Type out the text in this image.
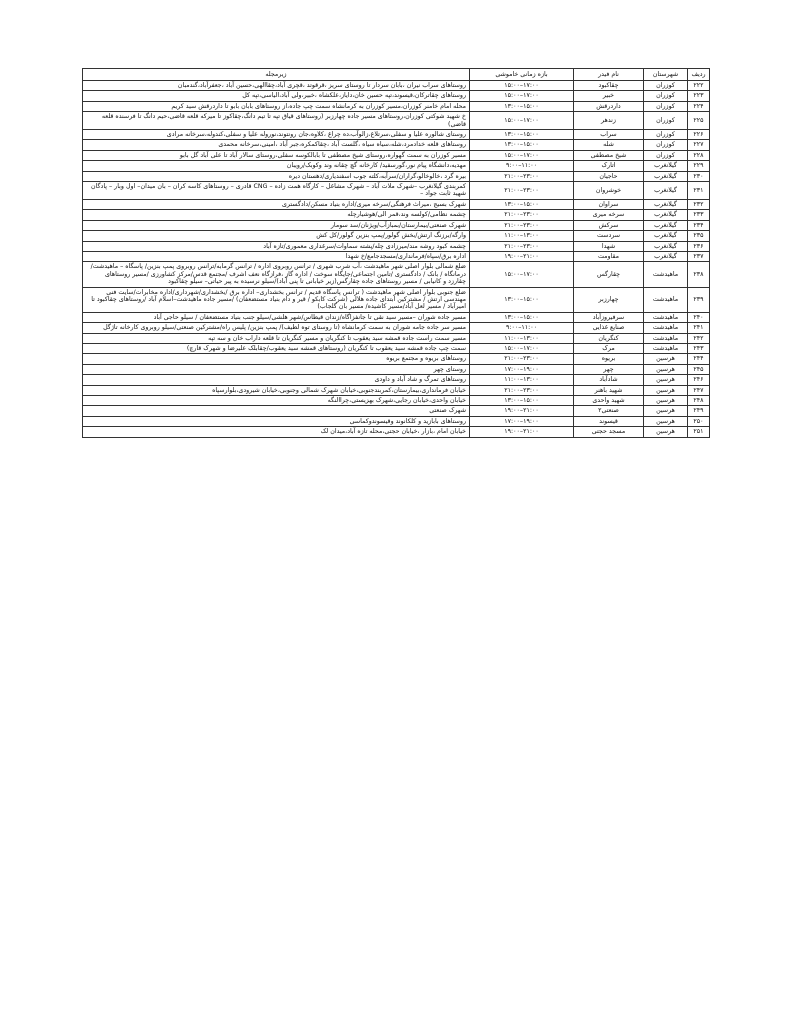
ردیف	شهرستان	نام فیدر	بازه زمانی خاموشی	زیرمجله
۲۲۲	کوزران	چقاکبود	۱۵:۰۰–۱۷:۰۰	روستاهای سراب نیران ،بابان سردار تا روستای سریز ،قرقوتد ،قچری آباد،چقاالهی،حسین آباد ،جعفرآباد،گندمبان
۲۲۳	کوزران	خبیر	۱۵:۰۰–۱۷:۰۰	روستاهای چقاترکان،قیسوند،تپه حسین خان،دایاز،علکشاه ،خبیر،ولی آباد،الیاسی،تپه کل
۲۲۴	کوزران	دارد‌رقش	۱۳:۰۰–۱۵:۰۰	محله امام خامنر کوزران،مسیر کوزران به کرمانشاه سمت چپ جاده،از روستاهای بابان بابو تا داردرقش سید کریم
۲۲۵	کوزران	زندهر	۱۵:۰۰–۱۷:۰۰	خ شهید شوکتی کوزران،روستاهای مسیر جاده چهارزبر (روستاهای قیاق تپه تا تیم دانگ،چقاکوز تا میرکه قلعه قاضی،حیم دانگ تا فرسنده قلعه قاضی)
۲۲۶	کوزران	سراب	۱۳:۰۰–۱۵:۰۰	روستای شالوره علیا و سفلی،سرتلاغ،زالوآب،ده چراغ ،کلاوه،جان رونتوند،نوروله علیا و سفلی،کندوله،سرخانه مرادی
۲۲۷	کوزران	شله	۱۳:۰۰–۱۵:۰۰	روستاهای قلعه خدادمرد،شله،سیاه سیاه ،گلست آباد ،چقاکمکره،جبر آباد ،امینی،سرخانه محمدی
۲۲۸	کوزران	شیخ مصطفی	۱۵:۰۰–۱۷:۰۰	مسیر کوزران به سمت گهواره،روستای شیخ مصطفی تا بابالکوسه سفلی،روستای سالار آباد تا علی آباد گل بابو
۲۲۹	گیلانغرب	اتارک	۹:۰۰–۱۱:۰۰	مهدیه،دانشگاه پیام نور،گورسفید/ کارخانه گچ چقانه وند وکوبک/رویبان
۲۳۰	گیلانغرب	حاجیان	۲۱:۰۰–۲۳:۰۰	بیره گرد ،خالوخالو،گراران/سرآبه،کلته جوب اسفندیاری/دهستان دیره
۲۳۱	گیلانغرب	خوشروان	۲۱:۰۰–۲۳:۰۰	کمربندی گیلانغرب –شهرک ملات آباد – شهرک مشاغل – کارگاه همت زاده – CNG قادری – روستاهای کاسه کران – بان میدان– اول وبار – پادگان شهید ثابت جواد –
۲۳۲	گیلانغرب	سراوان	۱۳:۰۰–۱۵:۰۰	شهرک بسیج ،میراث فرهنگی/سرخه میری/اداره بنیاد مسکن/دادگستری
۲۳۳	گیلانغرب	سرخه میری	۲۱:۰۰–۲۳:۰۰	چشمه نظامی/کولسه وند،قمر الی/هوشیارچله
۲۳۴	گیلانغرب	سرکش	۲۱:۰۰–۲۳:۰۰	شهرک صنعتی/بیمارستان/بمبازآب/ویژنان/سد سومار
۲۳۵	گیلانغرب	سردست	۱۱:۰۰–۱۳:۰۰	وارگه/برزنگ ارتش/بخش گولور/پمپ بنزین گولور/کل کش
۲۳۶	گیلانغرب	شهدا	۲۱:۰۰–۲۳:۰۰	چشمه کبود روشه مند/میرزادی چله/پشته سماوات/سرغداری معموری/تازه آباد
۲۳۷	گیلانغرب	مقاومت	۱۹:۰۰–۲۱:۰۰	اداره برق/سپاه/فرمانداری/مسجدجامع/خ شهدا
۲۳۸	ماهیدشت	چقارگس	۱۵:۰۰–۱۷:۰۰	ضلع شمالی بلوار اصلی شهر ماهیدشت ،آب شرب شهری / ترانس روبروی اداره / ترانس گرمابه/ترانس روبروی پمپ بنزین/ پاسگاه – ماهیدشت/ درمانگاه / بانک / دادگستری /تامین اجتماعی/جایگاه سوخت / اداره گاز ،فرازگاه نعف اشرف /مجتمع قدس/مرکز کشاورزی /مسیر روستاهای چقارزد و کانیابی / مسیر روستاهای جاده چقارگس(زیر خیابانی تا پنی آباد)/سیلو نرسیده به پیر حیاتی– سیلو چقاکبود
۲۳۹	ماهیدشت	چهارزبر	۱۳:۰۰–۱۵:۰۰	ضلع جنوبی بلوار اصلی شهر ماهیدشت ( ترانس پاسگاه قدیم / ترانس بخشداری– اداره برق /بخشداری/شهرداری/اداره مخابرات/سایت فنی مهندسی ارتش / مشترکین ابتدای جاده هلالی (شرکت کابکو / قیر و دام بنیاد مستضعفان) /مسیر جاده ماهیدشت–اسلام آباد /روستاهای چقاکبود تا امیرآباد / مسیر لعل آباد/مسیر کاشیده/ مسیر بان گلجاب)
۲۴۰	ماهیدشت	سرفیروزآباد	۱۳:۰۰–۱۵:۰۰	مسیر جاده شوران –مسیر سید نقی تا جانفزاگاه/زندان قیطاس/شهر هلشی/سیلو جنب بنیاد مستضعفان / سیلو حاجی آباد
۲۴۱	ماهیدشت	صنایع غذایی	۹:۰۰–۱۱:۰۰	مسیر سر جاده جامه شوران به سمت کرمانشاه (تا روستای توه لطیف)/ پمپ بنزین/ پلیس راه/مشترکین صنعتی/سیلو روبروی کارخانه تاژگل
۲۴۲	ماهیدشت	کنگریان	۱۱:۰۰–۱۳:۰۰	مسیر سمت راست جاده قمشه سید یعقوب تا کنگریان و مسیر کنگریان تا قلعه داراب خان و سه تپه
۲۴۳	ماهیدشت	مرک	۱۵:۰۰–۱۷:۰۰	سمت چپ جاده قمشه سید یعقوب تا کنگریان (روستاهای قمشه سید یعقوب/چقابلک علیرضا و شهرک قارچ)
۲۴۴	هرسین	بریوه	۲۱:۰۰–۲۳:۰۰	روستاهای بریوه و مجتمع بریوه
۲۴۵	هرسین	چهر	۱۷:۰۰–۱۹:۰۰	روستای چهر
۲۴۶	هرسین	شادآباد	۱۱:۰۰–۱۳:۰۰	روستاهای تمرگ و شاد آباد و داودی
۲۴۷	هرسین	شهید باهنر	۲۱:۰۰–۲۳:۰۰	خیابان فرمانداری،بیمارستان،کمربندجنوبی،خیابان شهرک شمالی وجنوبی،خیابان شیرودی،بلوارسپاه
۲۴۸	هرسین	شهید واحدی	۱۳:۰۰–۱۵:۰۰	خیابان واحدی،خیابان رجایی،شهرک بهزیستی،چراالنگه
۲۴۹	هرسین	صنعتی۲	۱۹:۰۰–۲۱:۰۰	شهرک صنعتی
۲۵۰	هرسین	قیسوند	۱۷:۰۰–۱۹:۰۰	روستاهای بابازید و کلکانوند وقیسوندوکماسی
۲۵۱	هرسین	مسجد حجتی	۱۹:۰۰–۲۱:۰۰	خیابان امام ،بازار ،خیابان حجتی،محله تازه آباد،میدان لک
